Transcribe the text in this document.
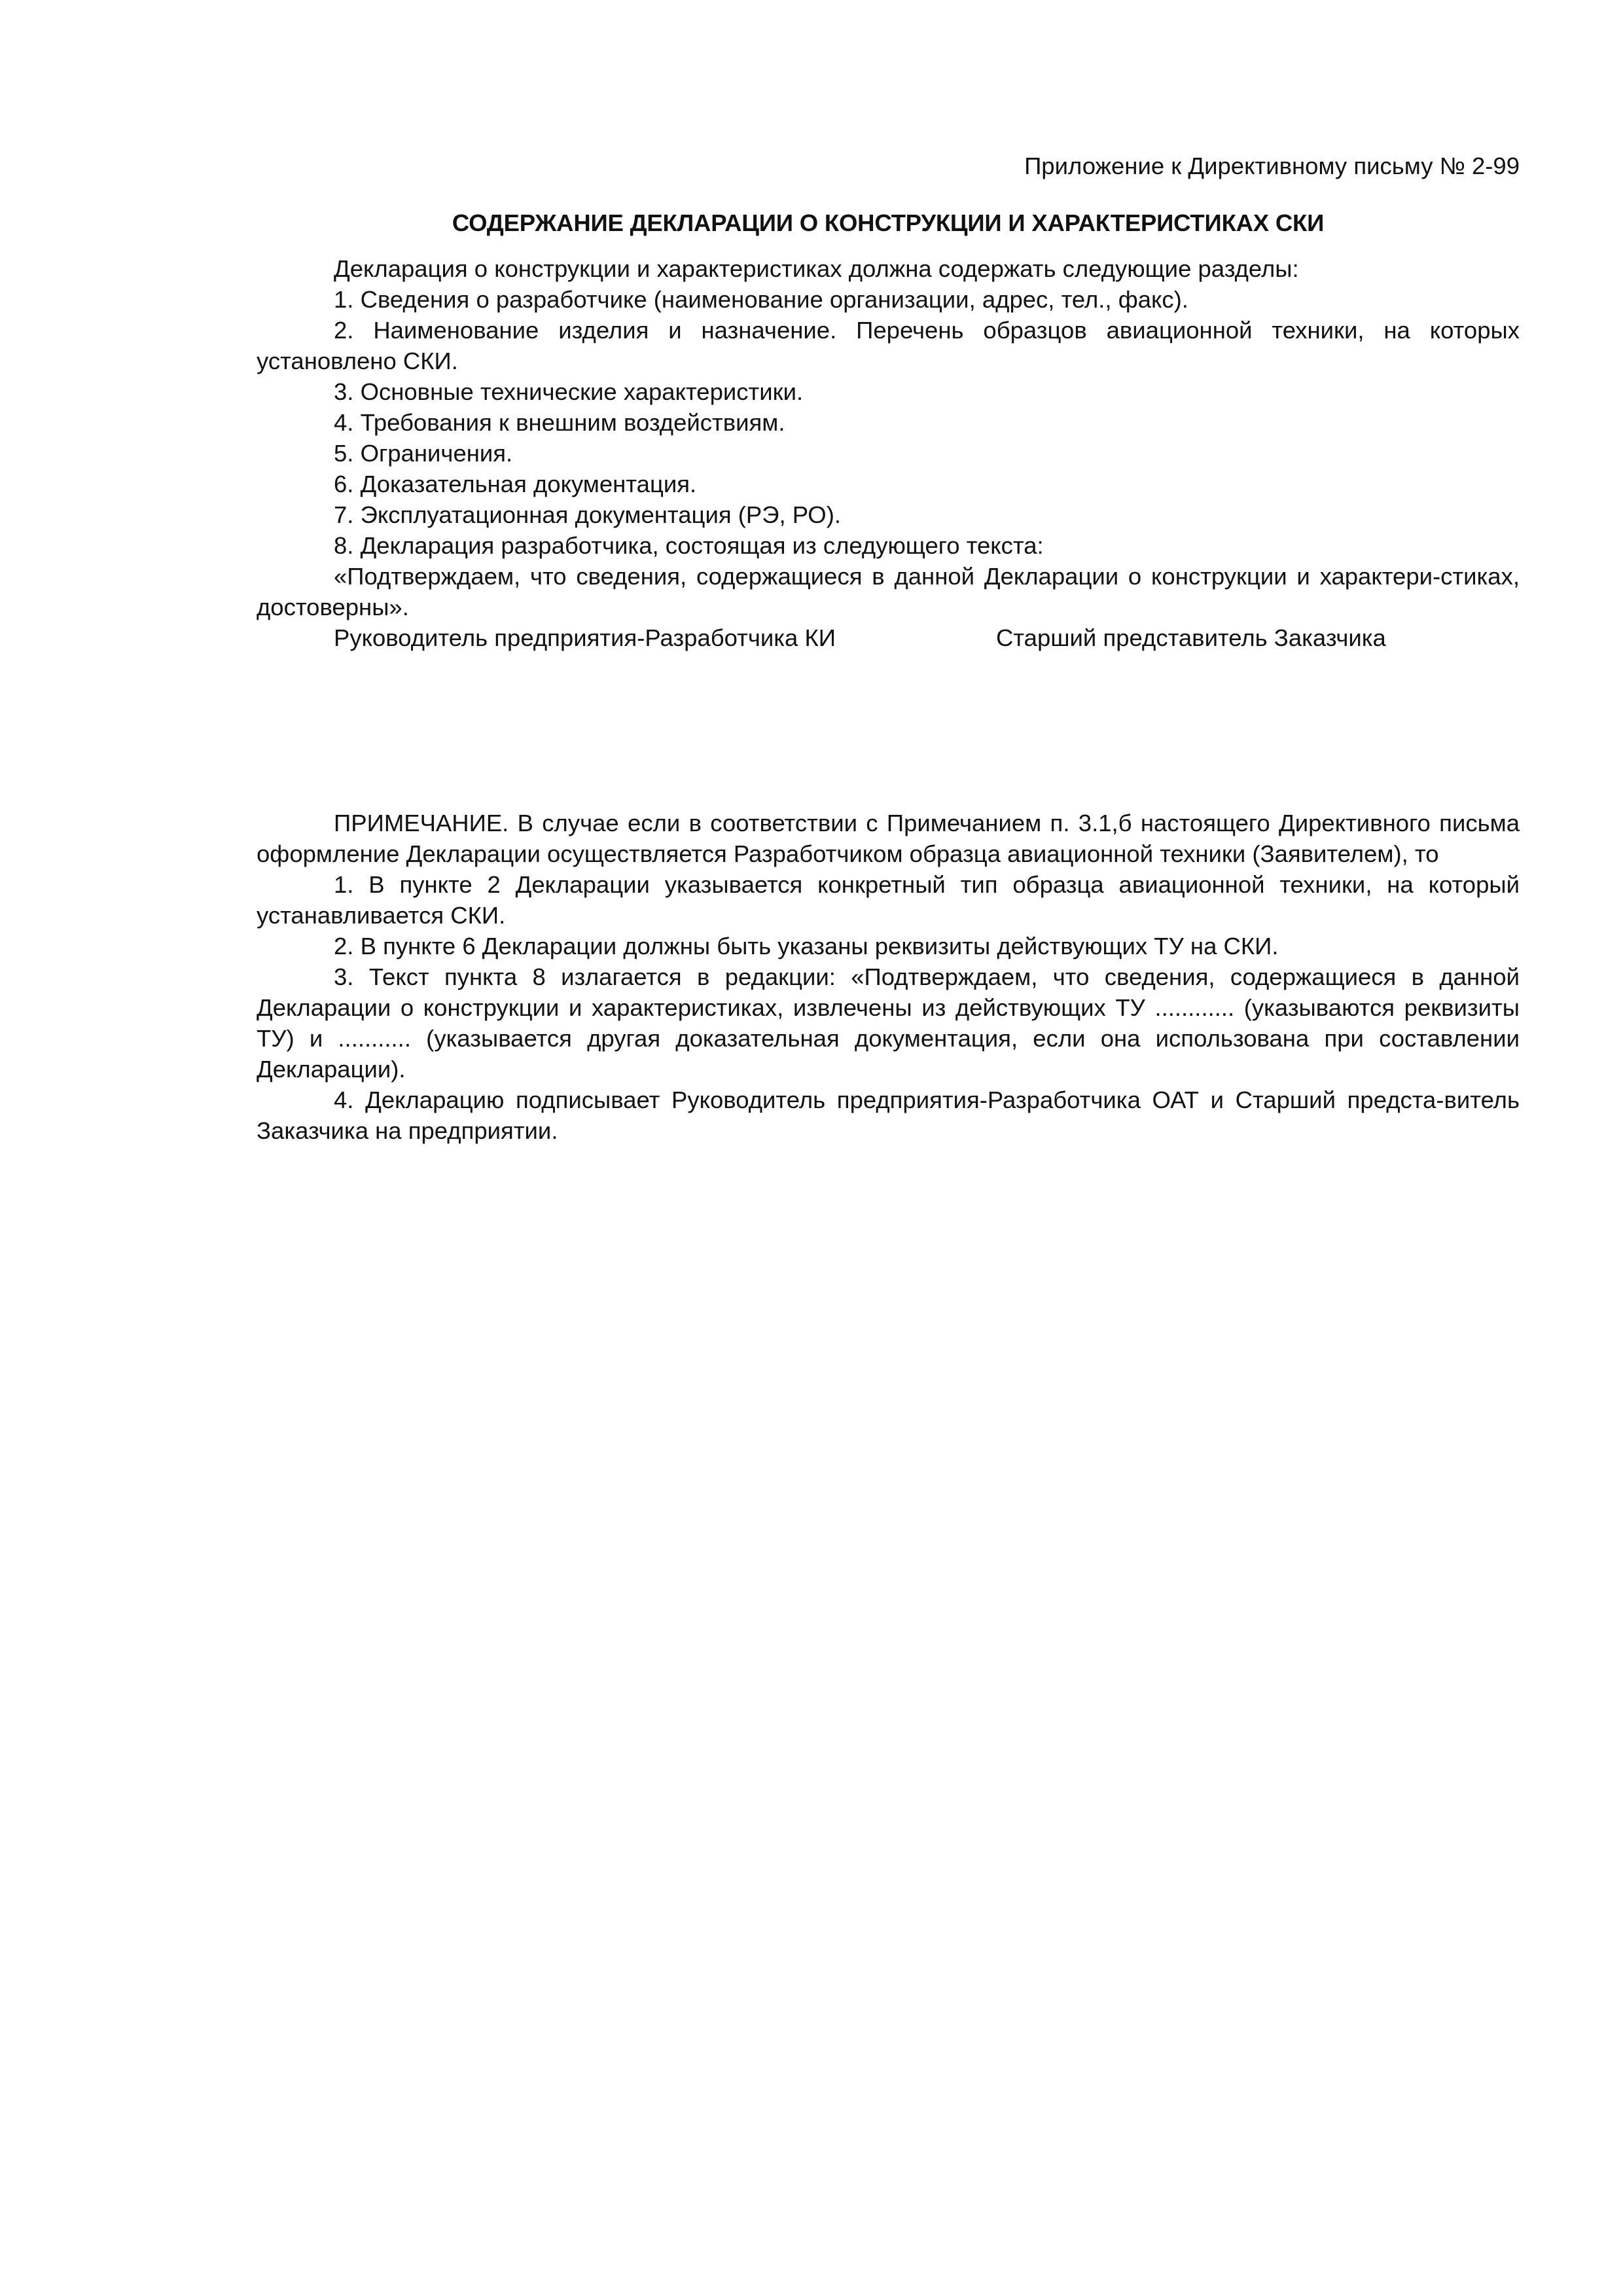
Приложение к Директивному письму № 2-99
СОДЕРЖАНИЕ ДЕКЛАРАЦИИ О КОНСТРУКЦИИ И ХАРАКТЕРИСТИКАХ СКИ

Декларация о конструкции и характеристиках должна содержать следующие разделы:

1. Сведения о разработчике (наименование организации, адрес, тел., факс).

2. Наименование изделия и назначение. Перечень образцов авиационной техники, на которых установлено СКИ.

3. Основные технические характеристики.

4. Требования к внешним воздействиям.

5. Ограничения.

6. Доказательная документация.

7. Эксплуатационная документация (РЭ, РО).

8. Декларация разработчика, состоящая из следующего текста:

«Подтверждаем, что сведения, содержащиеся в данной Декларации о конструкции и характери-стиках, достоверны».

Руководитель предприятия-Разработчика КИ	Старший представитель Заказчика

ПРИМЕЧАНИЕ. В случае если в соответствии с Примечанием п. 3.1,б настоящего Директивного письма оформление Декларации осуществляется Разработчиком образца авиационной техники (Заявителем), то

1. В пункте 2 Декларации указывается конкретный тип образца авиационной техники, на который устанавливается СКИ.

2. В пункте 6 Декларации должны быть указаны реквизиты действующих ТУ на СКИ.

3. Текст пункта 8 излагается в редакции: «Подтверждаем, что сведения, содержащиеся в данной Декларации о конструкции и характеристиках, извлечены из действующих ТУ ............ (указываются реквизиты ТУ) и ........... (указывается другая доказательная документация, если она использована при составлении Декларации).

4. Декларацию подписывает Руководитель предприятия-Разработчика ОАТ и Старший предста-витель Заказчика на предприятии.
